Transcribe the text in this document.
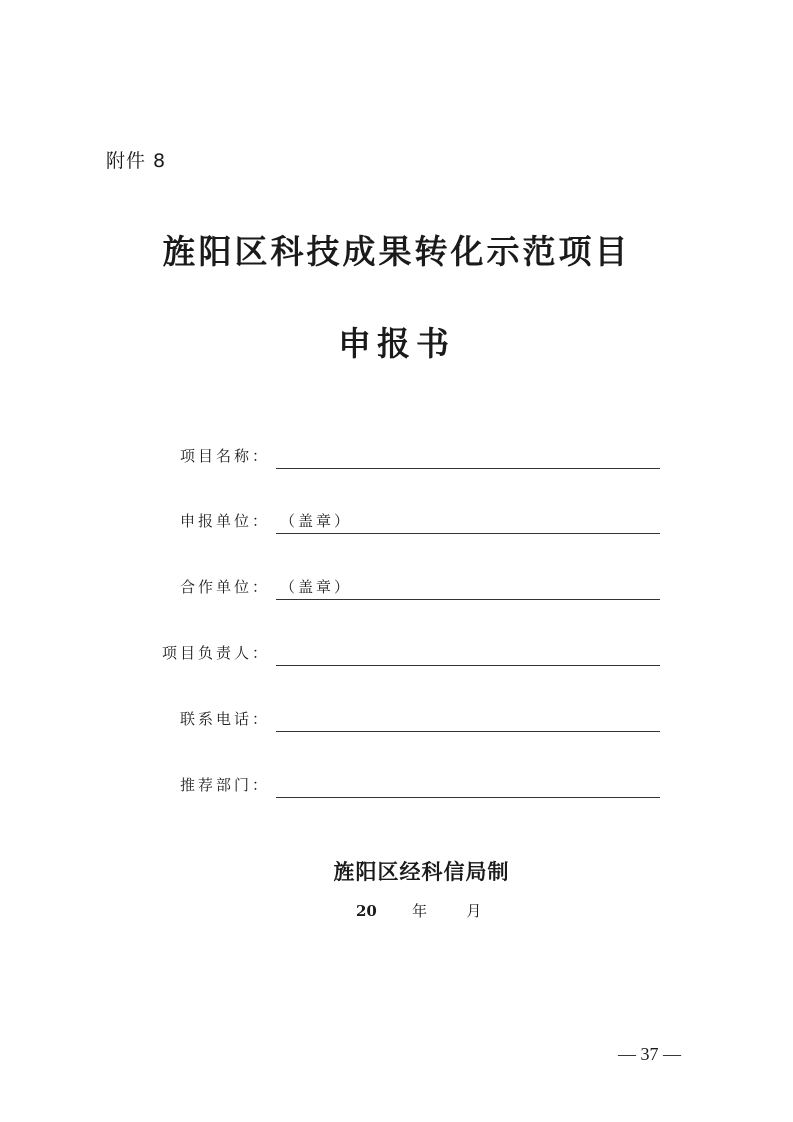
附件 8
旌阳区科技成果转化示范项目
申报书
项目名称：
申报单位： （盖章）
合作单位： （盖章）
项目负责人：
联系电话：
推荐部门：
旌阳区经科信局制
20 年	月
— 37 —
